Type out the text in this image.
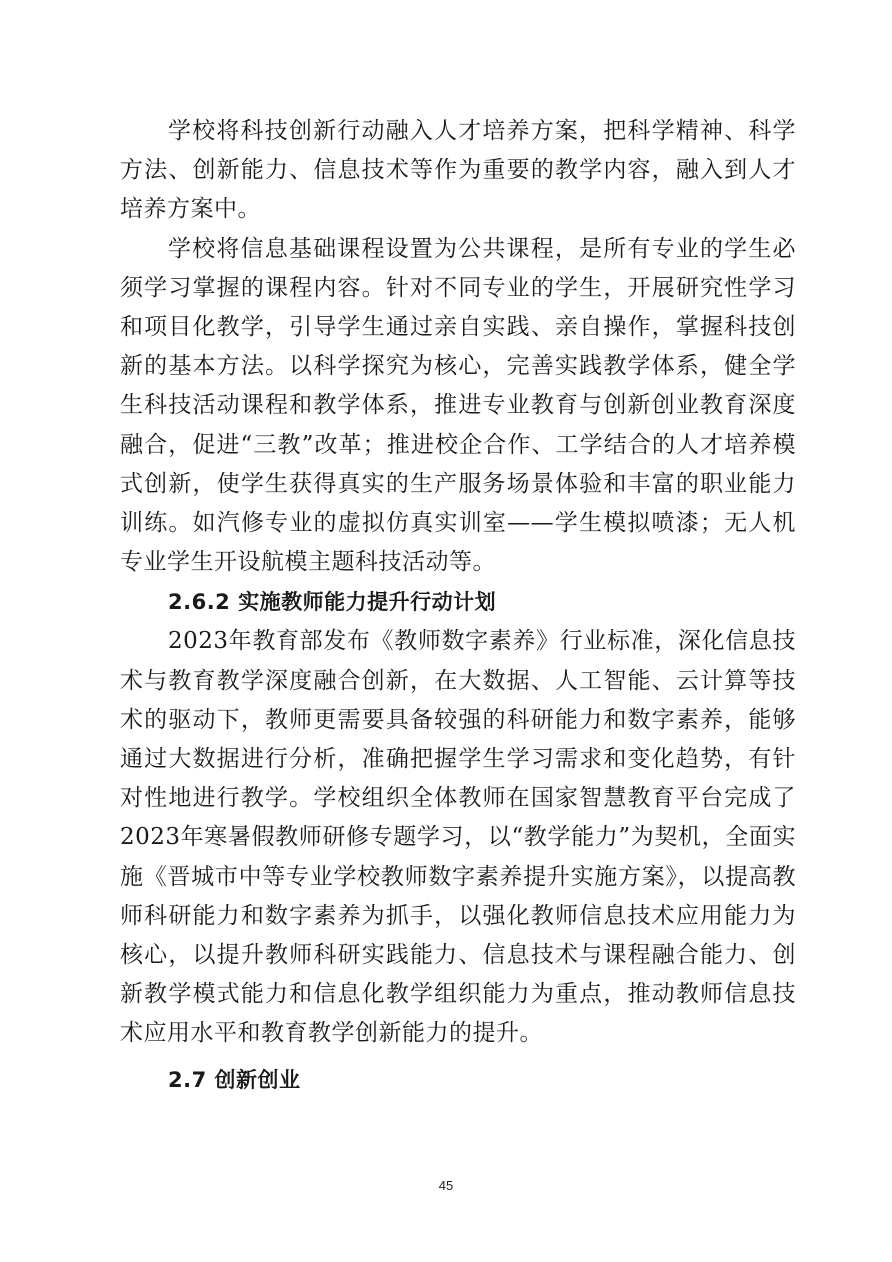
学校将科技创新行动融入人才培养方案，把科学精神、科学方法、创新能力、信息技术等作为重要的教学内容，融入到人才培养方案中。

学校将信息基础课程设置为公共课程，是所有专业的学生必须学习掌握的课程内容。针对不同专业的学生，开展研究性学习和项目化教学，引导学生通过亲自实践、亲自操作，掌握科技创新的基本方法。以科学探究为核心，完善实践教学体系，健全学生科技活动课程和教学体系，推进专业教育与创新创业教育深度融合，促进“三教”改革；推进校企合作、工学结合的人才培养模式创新，使学生获得真实的生产服务场景体验和丰富的职业能力训练。如汽修专业的虚拟仿真实训室——学生模拟喷漆；无人机专业学生开设航模主题科技活动等。

2.6.2 实施教师能力提升行动计划

2023年教育部发布《教师数字素养》行业标准，深化信息技术与教育教学深度融合创新，在大数据、人工智能、云计算等技术的驱动下，教师更需要具备较强的科研能力和数字素养，能够通过大数据进行分析，准确把握学生学习需求和变化趋势，有针对性地进行教学。学校组织全体教师在国家智慧教育平台完成了2023年寒暑假教师研修专题学习，以“教学能力”为契机，全面实施《晋城市中等专业学校教师数字素养提升实施方案》，以提高教师科研能力和数字素养为抓手，以强化教师信息技术应用能力为核心，以提升教师科研实践能力、信息技术与课程融合能力、创新教学模式能力和信息化教学组织能力为重点，推动教师信息技术应用水平和教育教学创新能力的提升。

2.7 创新创业
45
